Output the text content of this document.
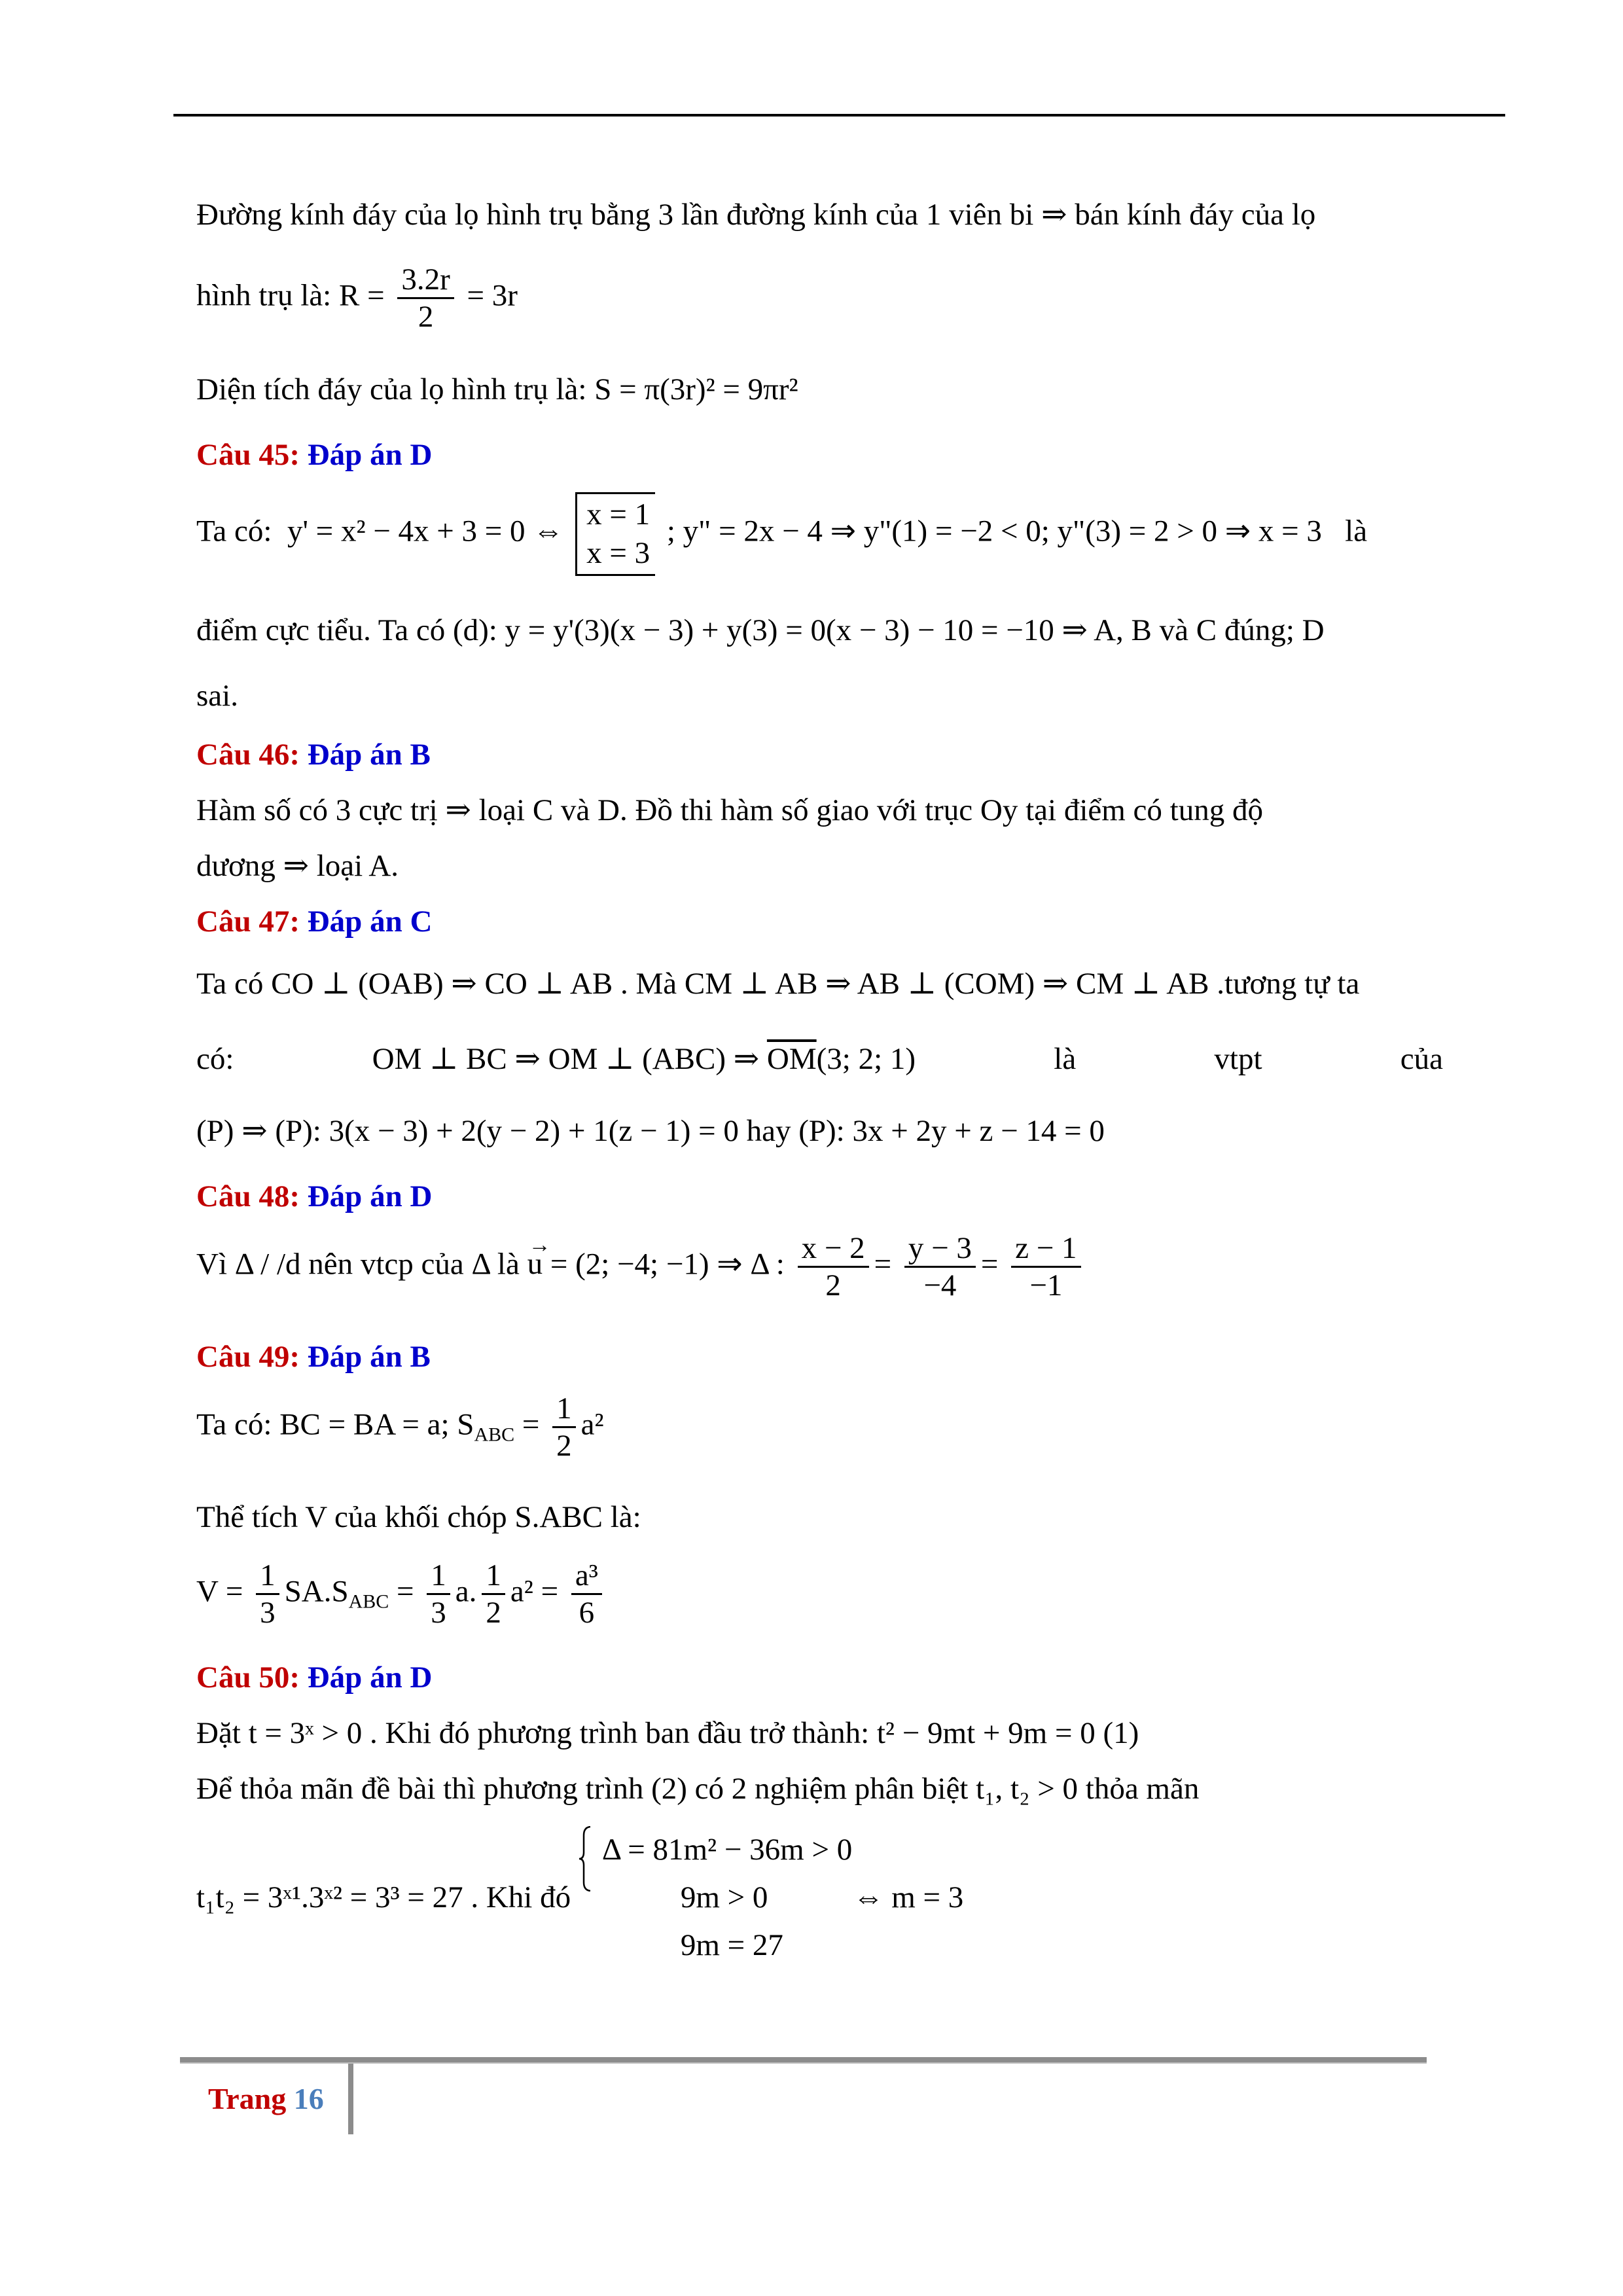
Đường kính đáy của lọ hình trụ bằng 3 lần đường kính của 1 viên bi ⇒ bán kính đáy của lọ
hình trụ là: $R = \frac{3.2r}{2} = 3r$
Diện tích đáy của lọ hình trụ là: S = π(3r)² = 9πr²
Câu 45: Đáp án D
Ta có: y' = x² − 4x + 3 = 0 ⇔ x = 1
x = 3
; y" = 2x − 4 ⇒ y"(1) = −2 < 0; y"(3) = 2 > 0 ⇒ x = 3 là
điểm cực tiểu. Ta có (d): y = y'(3)(x − 3) + y(3) = 0(x − 3) − 10 = −10 ⇒ A, B và C đúng; D
sai.
Câu 46: Đáp án B
Hàm số có 3 cực trị ⇒ loại C và D. Đồ thi hàm số giao với trục Oy tại điểm có tung độ
dương ⇒ loại A.
Câu 47: Đáp án C
Ta có CO ⊥ (OAB) ⇒ CO ⊥ AB . Mà CM ⊥ AB ⇒ AB ⊥ (COM) ⇒ CM ⊥ AB .tương tự ta
có:	OM ⊥ BC ⇒ OM ⊥ (ABC) ⇒ $\overline{OM}(3$; 2; 1)	là	vtpt	của
(P) ⇒ (P): 3(x − 3) + 2(y − 2) + 1(z − 1) = 0 hay (P): 3x + 2y + z − 14 = 0
Câu 48: Đáp án D
Vì Δ / /d nên vtcp của Δ là
→
u = (2; −4; −1) ⇒ Δ : $\frac{x - 2}{2} = \frac{y - 3}{-4} = \frac{z - 1}{-1}$
Câu 49: Đáp án B
Ta có: BC = BA = a; $S_{ABC} = \frac{1}{2} a^2$
Thể tích V của khối chóp S.ABC là:
$V = \frac{1}{3} SA.S_{ABC} = \frac{1}{3} a$. $\frac{1}{2} a^2 = \frac{\text{a³}}{6}$
Câu 50: Đáp án D
Đặt t = 3ˣ > 0 . Khi đó phương trình ban đầu trở thành: t² − 9mt + 9m = 0 (1)
Để thỏa mãn đề bài thì phương trình (2) có 2 nghiệm phân biệt t₁, t₂ > 0 thỏa mãn
t₁t₂ = 3ˣ¹.3ˣ² = 3³ = 27 . Khi đó
Δ = 81m² − 36m > 0
9m > 0	⇔ m = 3
9m = 27
Trang 16
